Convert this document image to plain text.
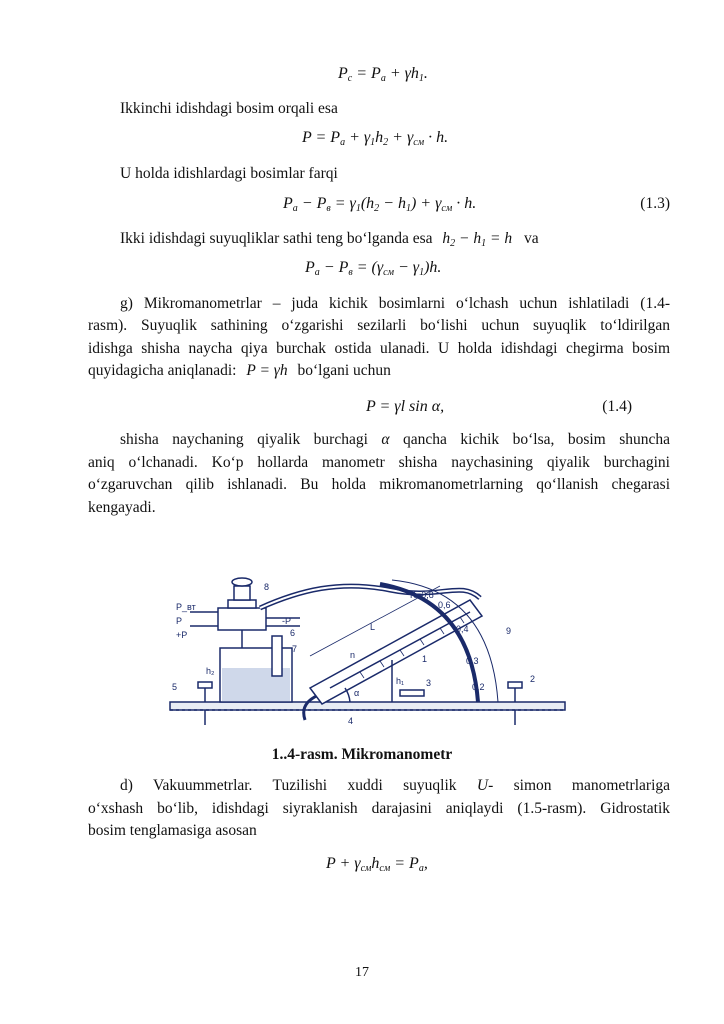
$P_c = P_a + \gamma h_1$.
Ikkinchi idishdagi bosim orqali esa
$P = P_a + \gamma_1h_2 + \gamma_{см} \cdot h$.
U holda idishlardagi bosimlar farqi
$P_a - P_в = \gamma_1(h_2 - h_1) + \gamma_{см} \cdot h$.	(1.3)
Ikki idishdagi suyuqliklar sathi teng bo‘lganda esa $h_2 - h_1 = h$ va
$P_a - P_в = (\gamma_{см} - \gamma_1)h$.
g) Mikromanometrlar – juda kichik bosimlarni o‘lchash uchun ishlatiladi (1.4-
rasm). Suyuqlik sathining o‘zgarishi sezilarli bo‘lishi uchun suyuqlik to‘ldirilgan
idishga shisha naycha qiya burchak ostida ulanadi. U holda idishdagi chegirma bosim
quyidagicha aniqlanadi: P = γh bo‘lgani uchun
P = γl sin α,	(1.4)
shisha naychaning qiyalik burchagi α qancha kichik bo‘lsa, bosim shuncha
aniq o‘lchanadi. Ko‘p hollarda manometr shisha naychasining qiyalik burchagini
o‘zgaruvchan qilib ishlanadi. Bu holda mikromanometrlarning qo‘llanish chegarasi
kengayadi.
8
7
6
5
4
3	2
1
9
L
n
h₁
h₂
α
P_вт
+P
-P
P
K=0,8
0,6
0,4
0,3
0,2
1..4-rasm. Mikromanometr
d) Vakuummetrlar. Tuzilishi xuddi suyuqlik U- simon manometrlariga
o‘xshash bo‘lib, idishdagi siyraklanish darajasini aniqlaydi (1.5-rasm). Gidrostatik
bosim tenglamasiga asosan
$P + \gamma_{см}h_{см} = P_a$,
17
